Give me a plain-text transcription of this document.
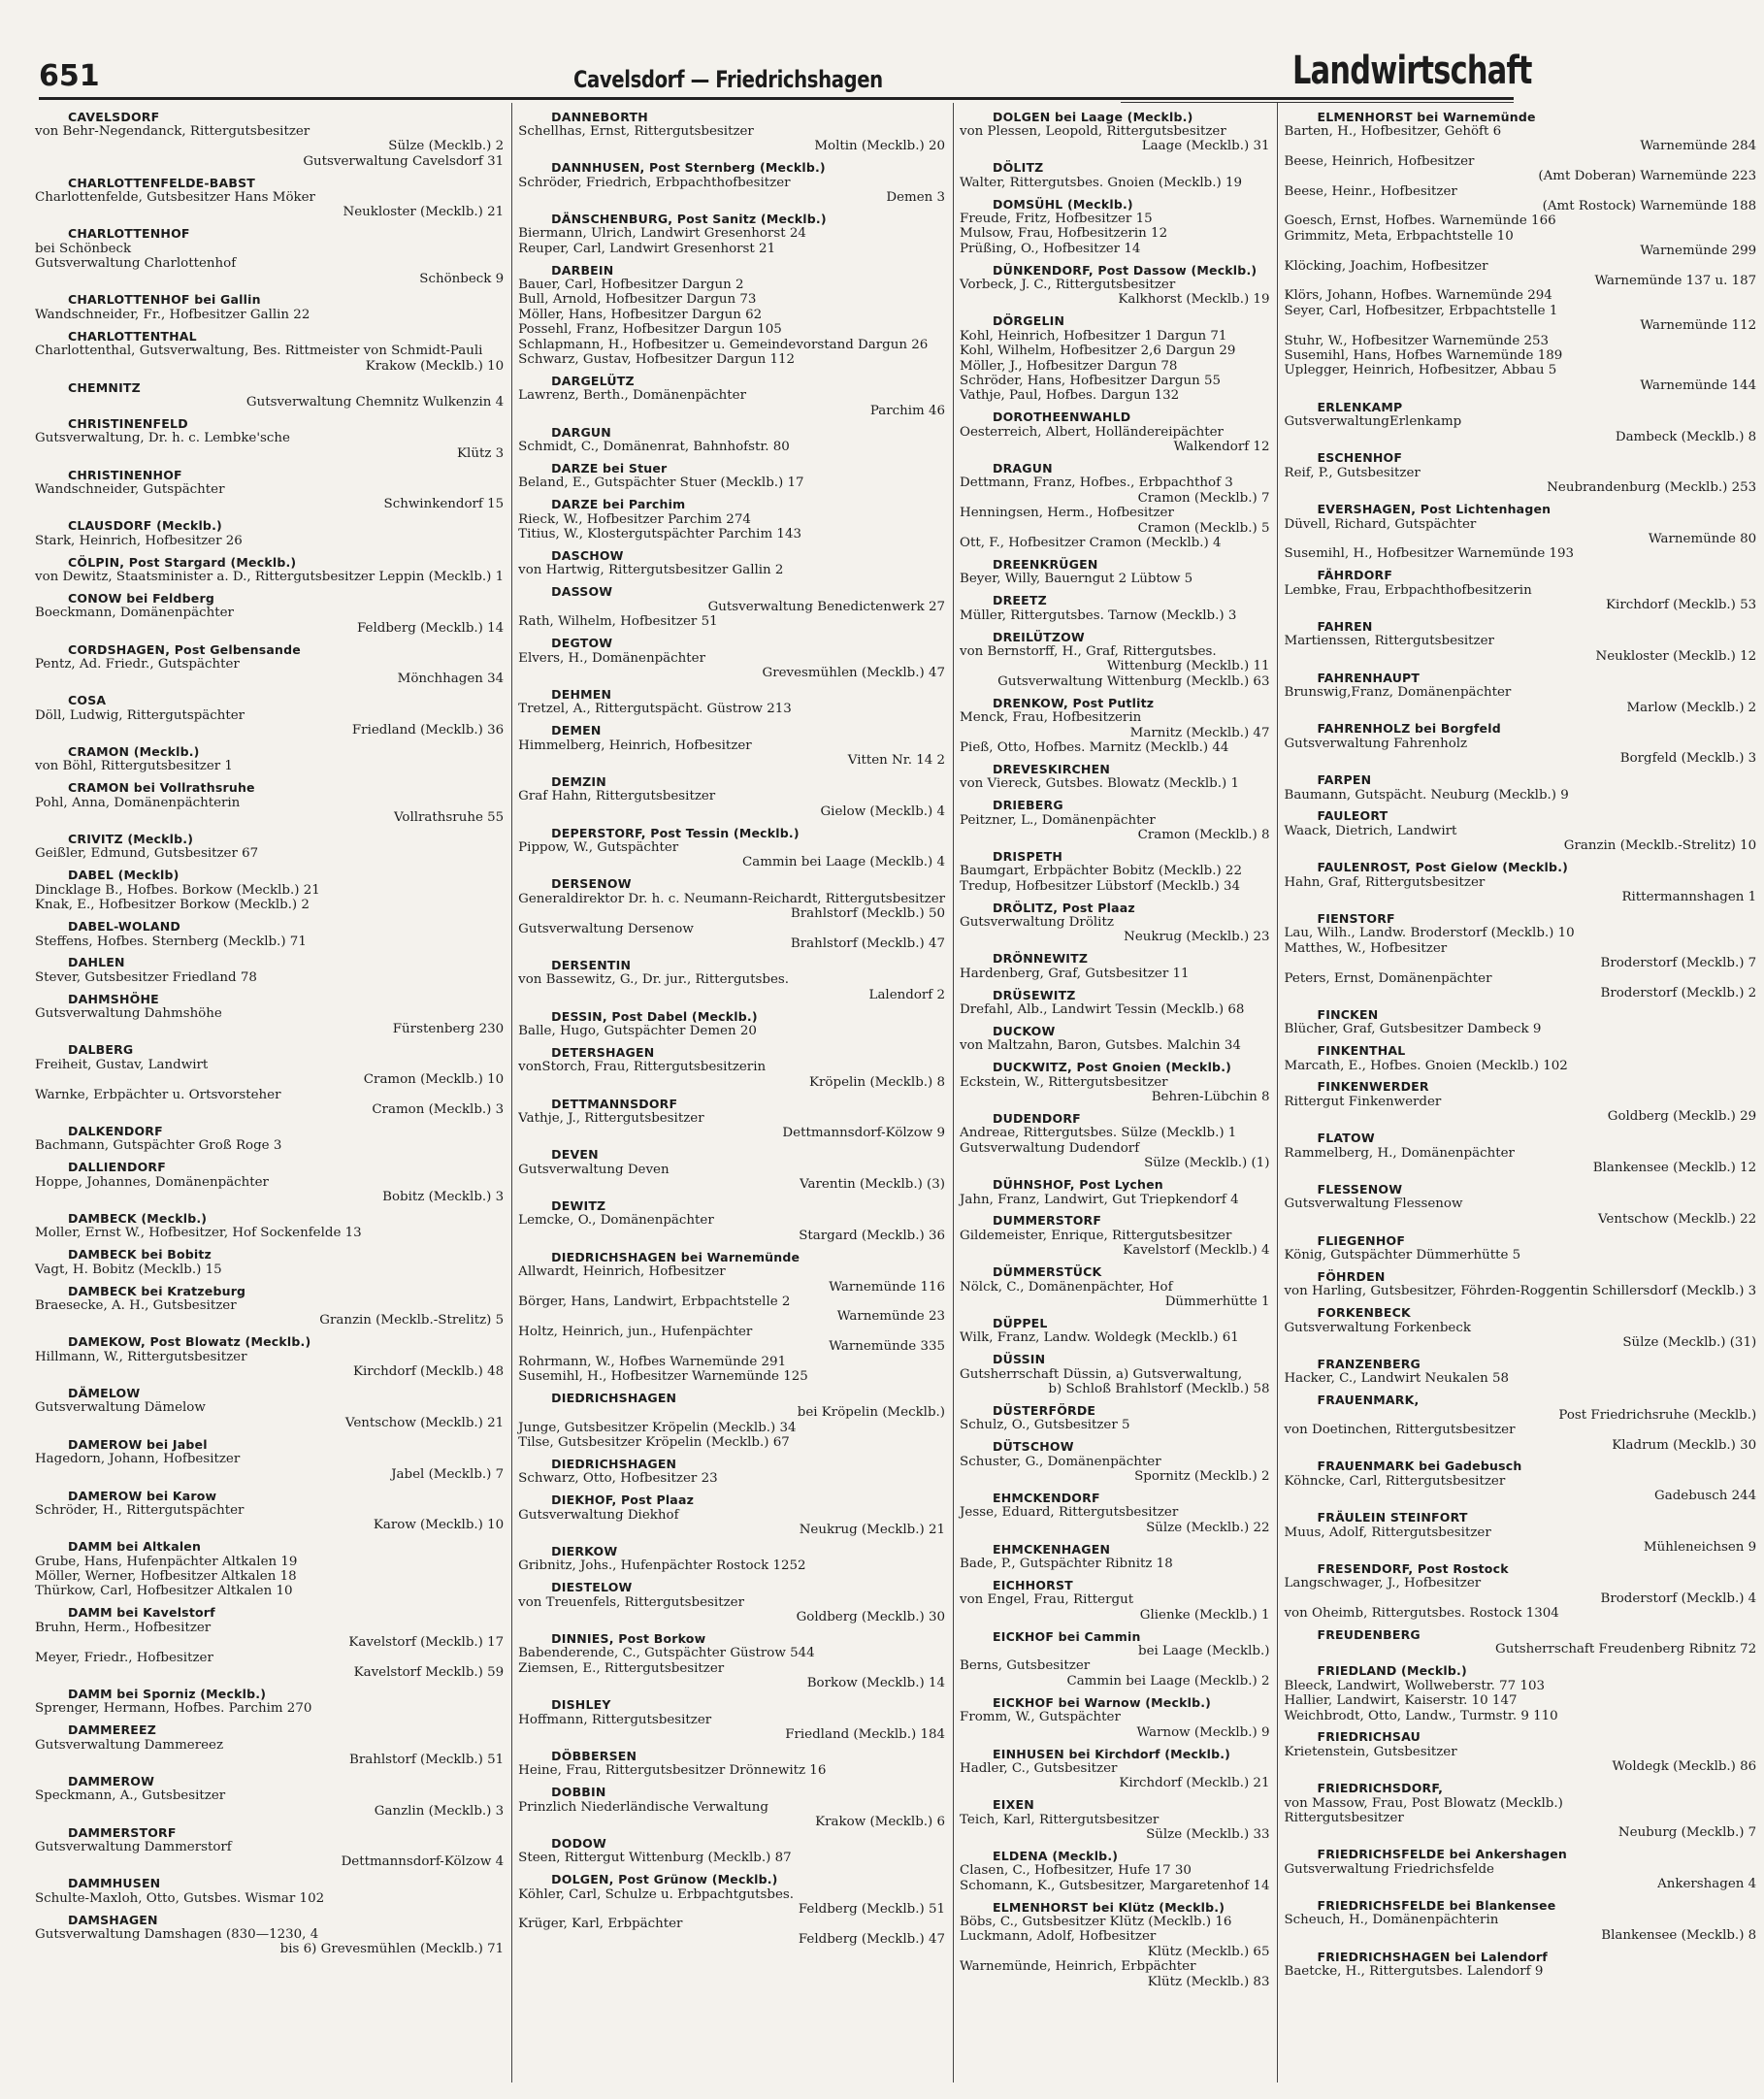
651	Cavelsdorf — Friedrichshagen	Landwirtschaft
CAVELSDORF
von Behr-Negendanck, Rittergutsbesitzer
Sülze (Mecklb.) 2
Gutsverwaltung Cavelsdorf 31
CHARLOTTENFELDE-BABST
Charlottenfelde, Gutsbesitzer Hans Möker
Neukloster (Mecklb.) 21
CHARLOTTENHOF
bei Schönbeck
Gutsverwaltung Charlottenhof
Schönbeck 9
CHARLOTTENHOF bei Gallin
Wandschneider, Fr., Hofbesitzer Gallin 22
CHARLOTTENTHAL
Charlottenthal, Gutsverwaltung, Bes. Rittmeister von Schmidt-Pauli
Krakow (Mecklb.) 10
CHEMNITZ
Gutsverwaltung Chemnitz Wulkenzin 4
CHRISTINENFELD
Gutsverwaltung, Dr. h. c. Lembke'sche
Klütz 3
CHRISTINENHOF
Wandschneider, Gutspächter
Schwinkendorf 15
CLAUSDORF (Mecklb.)
Stark, Heinrich, Hofbesitzer 26
CÖLPIN, Post Stargard (Mecklb.)
von Dewitz, Staatsminister a. D., Rittergutsbesitzer Leppin (Mecklb.) 1
CONOW bei Feldberg
Boeckmann, Domänenpächter
Feldberg (Mecklb.) 14
CORDSHAGEN, Post Gelbensande
Pentz, Ad. Friedr., Gutspächter
Mönchhagen 34
COSA
Döll, Ludwig, Rittergutspächter
Friedland (Mecklb.) 36
CRAMON (Mecklb.)
von Böhl, Rittergutsbesitzer 1
CRAMON bei Vollrathsruhe
Pohl, Anna, Domänenpächterin
Vollrathsruhe 55
CRIVITZ (Mecklb.)
Geißler, Edmund, Gutsbesitzer 67
DABEL (Mecklb)
Dincklage B., Hofbes. Borkow (Mecklb.) 21
Knak, E., Hofbesitzer Borkow (Mecklb.) 2
DABEL-WOLAND
Steffens, Hofbes. Sternberg (Mecklb.) 71
DAHLEN
Stever, Gutsbesitzer Friedland 78
DAHMSHÖHE
Gutsverwaltung Dahmshöhe
Fürstenberg 230
DALBERG
Freiheit, Gustav, Landwirt
Cramon (Mecklb.) 10
Warnke, Erbpächter u. Ortsvorsteher
Cramon (Mecklb.) 3
DALKENDORF
Bachmann, Gutspächter Groß Roge 3
DALLIENDORF
Hoppe, Johannes, Domänenpächter
Bobitz (Mecklb.) 3
DAMBECK (Mecklb.)
Moller, Ernst W., Hofbesitzer, Hof Sockenfelde 13
DAMBECK bei Bobitz
Vagt, H. Bobitz (Mecklb.) 15
DAMBECK bei Kratzeburg
Braesecke, A. H., Gutsbesitzer
Granzin (Mecklb.-Strelitz) 5
DAMEKOW, Post Blowatz (Mecklb.)
Hillmann, W., Rittergutsbesitzer
Kirchdorf (Mecklb.) 48
DÄMELOW
Gutsverwaltung Dämelow
Ventschow (Mecklb.) 21
DAMEROW bei Jabel
Hagedorn, Johann, Hofbesitzer
Jabel (Mecklb.) 7
DAMEROW bei Karow
Schröder, H., Rittergutspächter
Karow (Mecklb.) 10
DAMM bei Altkalen
Grube, Hans, Hufenpächter Altkalen 19
Möller, Werner, Hofbesitzer Altkalen 18
Thürkow, Carl, Hofbesitzer Altkalen 10
DAMM bei Kavelstorf
Bruhn, Herm., Hofbesitzer
Kavelstorf (Mecklb.) 17
Meyer, Friedr., Hofbesitzer
Kavelstorf Mecklb.) 59
DAMM bei Sporniz (Mecklb.)
Sprenger, Hermann, Hofbes. Parchim 270
DAMMEREEZ
Gutsverwaltung Dammereez
Brahlstorf (Mecklb.) 51
DAMMEROW
Speckmann, A., Gutsbesitzer
Ganzlin (Mecklb.) 3
DAMMERSTORF
Gutsverwaltung Dammerstorf
Dettmannsdorf-Kölzow 4
DAMMHUSEN
Schulte-Maxloh, Otto, Gutsbes. Wismar 102
DAMSHAGEN
Gutsverwaltung Damshagen (830—1230, 4
bis 6) Grevesmühlen (Mecklb.) 71
DANNEBORTH
Schellhas, Ernst, Rittergutsbesitzer
Moltin (Mecklb.) 20
DANNHUSEN, Post Sternberg (Mecklb.)
Schröder, Friedrich, Erbpachthofbesitzer
Demen 3
DÄNSCHENBURG, Post Sanitz (Mecklb.)
Biermann, Ulrich, Landwirt Gresenhorst 24
Reuper, Carl, Landwirt Gresenhorst 21
DARBEIN
Bauer, Carl, Hofbesitzer Dargun 2
Bull, Arnold, Hofbesitzer Dargun 73
Möller, Hans, Hofbesitzer Dargun 62
Possehl, Franz, Hofbesitzer Dargun 105
Schlapmann, H., Hofbesitzer u. Gemeindevorstand Dargun 26
Schwarz, Gustav, Hofbesitzer Dargun 112
DARGELÜTZ
Lawrenz, Berth., Domänenpächter
Parchim 46
DARGUN
Schmidt, C., Domänenrat, Bahnhofstr. 80
DARZE bei Stuer
Beland, E., Gutspächter Stuer (Mecklb.) 17
DARZE bei Parchim
Rieck, W., Hofbesitzer Parchim 274
Titius, W., Klostergutspächter Parchim 143
DASCHOW
von Hartwig, Rittergutsbesitzer Gallin 2
DASSOW
Gutsverwaltung Benedictenwerk 27
Rath, Wilhelm, Hofbesitzer 51
DEGTOW
Elvers, H., Domänenpächter
Grevesmühlen (Mecklb.) 47
DEHMEN
Tretzel, A., Rittergutspächt. Güstrow 213
DEMEN
Himmelberg, Heinrich, Hofbesitzer
Vitten Nr. 14 2
DEMZIN
Graf Hahn, Rittergutsbesitzer
Gielow (Mecklb.) 4
DEPERSTORF, Post Tessin (Mecklb.)
Pippow, W., Gutspächter
Cammin bei Laage (Mecklb.) 4
DERSENOW
Generaldirektor Dr. h. c. Neumann-Reichardt, Rittergutsbesitzer
Brahlstorf (Mecklb.) 50
Gutsverwaltung Dersenow
Brahlstorf (Mecklb.) 47
DERSENTIN
von Bassewitz, G., Dr. jur., Rittergutsbes.
Lalendorf 2
DESSIN, Post Dabel (Mecklb.)
Balle, Hugo, Gutspächter Demen 20
DETERSHAGEN
vonStorch, Frau, Rittergutsbesitzerin
Kröpelin (Mecklb.) 8
DETTMANNSDORF
Vathje, J., Rittergutsbesitzer
Dettmannsdorf-Kölzow 9
DEVEN
Gutsverwaltung Deven
Varentin (Mecklb.) (3)
DEWITZ
Lemcke, O., Domänenpächter
Stargard (Mecklb.) 36
DIEDRICHSHAGEN bei Warnemünde
Allwardt, Heinrich, Hofbesitzer
Warnemünde 116
Börger, Hans, Landwirt, Erbpachtstelle 2
Warnemünde 23
Holtz, Heinrich, jun., Hufenpächter
Warnemünde 335
Rohrmann, W., Hofbes Warnemünde 291
Susemihl, H., Hofbesitzer Warnemünde 125
DIEDRICHSHAGEN
bei Kröpelin (Mecklb.)
Junge, Gutsbesitzer Kröpelin (Mecklb.) 34
Tilse, Gutsbesitzer Kröpelin (Mecklb.) 67
DIEDRICHSHAGEN
Schwarz, Otto, Hofbesitzer 23
DIEKHOF, Post Plaaz
Gutsverwaltung Diekhof
Neukrug (Mecklb.) 21
DIERKOW
Gribnitz, Johs., Hufenpächter Rostock 1252
DIESTELOW
von Treuenfels, Rittergutsbesitzer
Goldberg (Mecklb.) 30
DINNIES, Post Borkow
Babenderende, C., Gutspächter Güstrow 544
Ziemsen, E., Rittergutsbesitzer
Borkow (Mecklb.) 14
DISHLEY
Hoffmann, Rittergutsbesitzer
Friedland (Mecklb.) 184
DÖBBERSEN
Heine, Frau, Rittergutsbesitzer Drönnewitz 16
DOBBIN
Prinzlich Niederländische Verwaltung
Krakow (Mecklb.) 6
DODOW
Steen, Rittergut Wittenburg (Mecklb.) 87
DOLGEN, Post Grünow (Mecklb.)
Köhler, Carl, Schulze u. Erbpachtgutsbes.
Feldberg (Mecklb.) 51
Krüger, Karl, Erbpächter
Feldberg (Mecklb.) 47
DOLGEN bei Laage (Mecklb.)
von Plessen, Leopold, Rittergutsbesitzer
Laage (Mecklb.) 31
DÖLITZ
Walter, Rittergutsbes. Gnoien (Mecklb.) 19
DOMSÜHL (Mecklb.)
Freude, Fritz, Hofbesitzer 15
Mulsow, Frau, Hofbesitzerin 12
Prüßing, O., Hofbesitzer 14
DÜNKENDORF, Post Dassow (Mecklb.)
Vorbeck, J. C., Rittergutsbesitzer
Kalkhorst (Mecklb.) 19
DÖRGELIN
Kohl, Heinrich, Hofbesitzer 1 Dargun 71
Kohl, Wilhelm, Hofbesitzer 2,6 Dargun 29
Möller, J., Hofbesitzer Dargun 78
Schröder, Hans, Hofbesitzer Dargun 55
Vathje, Paul, Hofbes. Dargun 132
DOROTHEENWAHLD
Oesterreich, Albert, Holländereipächter
Walkendorf 12
DRAGUN
Dettmann, Franz, Hofbes., Erbpachthof 3
Cramon (Mecklb.) 7
Henningsen, Herm., Hofbesitzer
Cramon (Mecklb.) 5
Ott, F., Hofbesitzer Cramon (Mecklb.) 4
DREENKRÜGEN
Beyer, Willy, Bauerngut 2 Lübtow 5
DREETZ
Müller, Rittergutsbes. Tarnow (Mecklb.) 3
DREILÜTZOW
von Bernstorff, H., Graf, Rittergutsbes.
Wittenburg (Mecklb.) 11
Gutsverwaltung Wittenburg (Mecklb.) 63
DRENKOW, Post Putlitz
Menck, Frau, Hofbesitzerin
Marnitz (Mecklb.) 47
Pieß, Otto, Hofbes. Marnitz (Mecklb.) 44
DREVESKIRCHEN
von Viereck, Gutsbes. Blowatz (Mecklb.) 1
DRIEBERG
Peitzner, L., Domänenpächter
Cramon (Mecklb.) 8
DRISPETH
Baumgart, Erbpächter Bobitz (Mecklb.) 22
Tredup, Hofbesitzer Lübstorf (Mecklb.) 34
DRÖLITZ, Post Plaaz
Gutsverwaltung Drölitz
Neukrug (Mecklb.) 23
DRÖNNEWITZ
Hardenberg, Graf, Gutsbesitzer 11
DRÜSEWITZ
Drefahl, Alb., Landwirt Tessin (Mecklb.) 68
DUCKOW
von Maltzahn, Baron, Gutsbes. Malchin 34
DUCKWITZ, Post Gnoien (Mecklb.)
Eckstein, W., Rittergutsbesitzer
Behren-Lübchin 8
DUDENDORF
Andreae, Rittergutsbes. Sülze (Mecklb.) 1
Gutsverwaltung Dudendorf
Sülze (Mecklb.) (1)
DÜHNSHOF, Post Lychen
Jahn, Franz, Landwirt, Gut Triepkendorf 4
DUMMERSTORF
Gildemeister, Enrique, Rittergutsbesitzer
Kavelstorf (Mecklb.) 4
DÜMMERSTÜCK
Nölck, C., Domänenpächter, Hof
Dümmerhütte 1
DÜPPEL
Wilk, Franz, Landw. Woldegk (Mecklb.) 61
DÜSSIN
Gutsherrschaft Düssin, a) Gutsverwaltung,
b) Schloß Brahlstorf (Mecklb.) 58
DÜSTERFÖRDE
Schulz, O., Gutsbesitzer 5
DÜTSCHOW
Schuster, G., Domänenpächter
Spornitz (Mecklb.) 2
EHMCKENDORF
Jesse, Eduard, Rittergutsbesitzer
Sülze (Mecklb.) 22
EHMCKENHAGEN
Bade, P., Gutspächter Ribnitz 18
EICHHORST
von Engel, Frau, Rittergut
Glienke (Mecklb.) 1
EICKHOF bei Cammin
bei Laage (Mecklb.)
Berns, Gutsbesitzer
Cammin bei Laage (Mecklb.) 2
EICKHOF bei Warnow (Mecklb.)
Fromm, W., Gutspächter
Warnow (Mecklb.) 9
EINHUSEN bei Kirchdorf (Mecklb.)
Hadler, C., Gutsbesitzer
Kirchdorf (Mecklb.) 21
EIXEN
Teich, Karl, Rittergutsbesitzer
Sülze (Mecklb.) 33
ELDENA (Mecklb.)
Clasen, C., Hofbesitzer, Hufe 17 30
Schomann, K., Gutsbesitzer, Margaretenhof 14
ELMENHORST bei Klütz (Mecklb.)
Böbs, C., Gutsbesitzer Klütz (Mecklb.) 16
Luckmann, Adolf, Hofbesitzer
Klütz (Mecklb.) 65
Warnemünde, Heinrich, Erbpächter
Klütz (Mecklb.) 83
ELMENHORST bei Warnemünde
Barten, H., Hofbesitzer, Gehöft 6
Warnemünde 284
Beese, Heinrich, Hofbesitzer
(Amt Doberan) Warnemünde 223
Beese, Heinr., Hofbesitzer
(Amt Rostock) Warnemünde 188
Goesch, Ernst, Hofbes. Warnemünde 166
Grimmitz, Meta, Erbpachtstelle 10
Warnemünde 299
Klöcking, Joachim, Hofbesitzer
Warnemünde 137 u. 187
Klörs, Johann, Hofbes. Warnemünde 294
Seyer, Carl, Hofbesitzer, Erbpachtstelle 1
Warnemünde 112
Stuhr, W., Hofbesitzer Warnemünde 253
Susemihl, Hans, Hofbes Warnemünde 189
Uplegger, Heinrich, Hofbesitzer, Abbau 5
Warnemünde 144
ERLENKAMP
GutsverwaltungErlenkamp
Dambeck (Mecklb.) 8
ESCHENHOF
Reif, P., Gutsbesitzer
Neubrandenburg (Mecklb.) 253
EVERSHAGEN, Post Lichtenhagen
Düvell, Richard, Gutspächter
Warnemünde 80
Susemihl, H., Hofbesitzer Warnemünde 193
FÄHRDORF
Lembke, Frau, Erbpachthofbesitzerin
Kirchdorf (Mecklb.) 53
FAHREN
Martienssen, Rittergutsbesitzer
Neukloster (Mecklb.) 12
FAHRENHAUPT
Brunswig,Franz, Domänenpächter
Marlow (Mecklb.) 2
FAHRENHOLZ bei Borgfeld
Gutsverwaltung Fahrenholz
Borgfeld (Mecklb.) 3
FARPEN
Baumann, Gutspächt. Neuburg (Mecklb.) 9
FAULEORT
Waack, Dietrich, Landwirt
Granzin (Mecklb.-Strelitz) 10
FAULENROST, Post Gielow (Mecklb.)
Hahn, Graf, Rittergutsbesitzer
Rittermannshagen 1
FIENSTORF
Lau, Wilh., Landw. Broderstorf (Mecklb.) 10
Matthes, W., Hofbesitzer
Broderstorf (Mecklb.) 7
Peters, Ernst, Domänenpächter
Broderstorf (Mecklb.) 2
FINCKEN
Blücher, Graf, Gutsbesitzer Dambeck 9
FINKENTHAL
Marcath, E., Hofbes. Gnoien (Mecklb.) 102
FINKENWERDER
Rittergut Finkenwerder
Goldberg (Mecklb.) 29
FLATOW
Rammelberg, H., Domänenpächter
Blankensee (Mecklb.) 12
FLESSENOW
Gutsverwaltung Flessenow
Ventschow (Mecklb.) 22
FLIEGENHOF
König, Gutspächter Dümmerhütte 5
FÖHRDEN
von Harling, Gutsbesitzer, Föhrden-Roggentin Schillersdorf (Mecklb.) 3
FORKENBECK
Gutsverwaltung Forkenbeck
Sülze (Mecklb.) (31)
FRANZENBERG
Hacker, C., Landwirt Neukalen 58
FRAUENMARK,
Post Friedrichsruhe (Mecklb.)
von Doetinchen, Rittergutsbesitzer
Kladrum (Mecklb.) 30
FRAUENMARK bei Gadebusch
Köhncke, Carl, Rittergutsbesitzer
Gadebusch 244
FRÄULEIN STEINFORT
Muus, Adolf, Rittergutsbesitzer
Mühleneichsen 9
FRESENDORF, Post Rostock
Langschwager, J., Hofbesitzer
Broderstorf (Mecklb.) 4
von Oheimb, Rittergutsbes. Rostock 1304
FREUDENBERG
Gutsherrschaft Freudenberg Ribnitz 72
FRIEDLAND (Mecklb.)
Bleeck, Landwirt, Wollweberstr. 77 103
Hallier, Landwirt, Kaiserstr. 10 147
Weichbrodt, Otto, Landw., Turmstr. 9 110
FRIEDRICHSAU
Krietenstein, Gutsbesitzer
Woldegk (Mecklb.) 86
FRIEDRICHSDORF,
von Massow, Frau, Post Blowatz (Mecklb.)
Rittergutsbesitzer
Neuburg (Mecklb.) 7
FRIEDRICHSFELDE bei Ankershagen
Gutsverwaltung Friedrichsfelde
Ankershagen 4
FRIEDRICHSFELDE bei Blankensee
Scheuch, H., Domänenpächterin
Blankensee (Mecklb.) 8
FRIEDRICHSHAGEN bei Lalendorf
Baetcke, H., Rittergutsbes. Lalendorf 9
